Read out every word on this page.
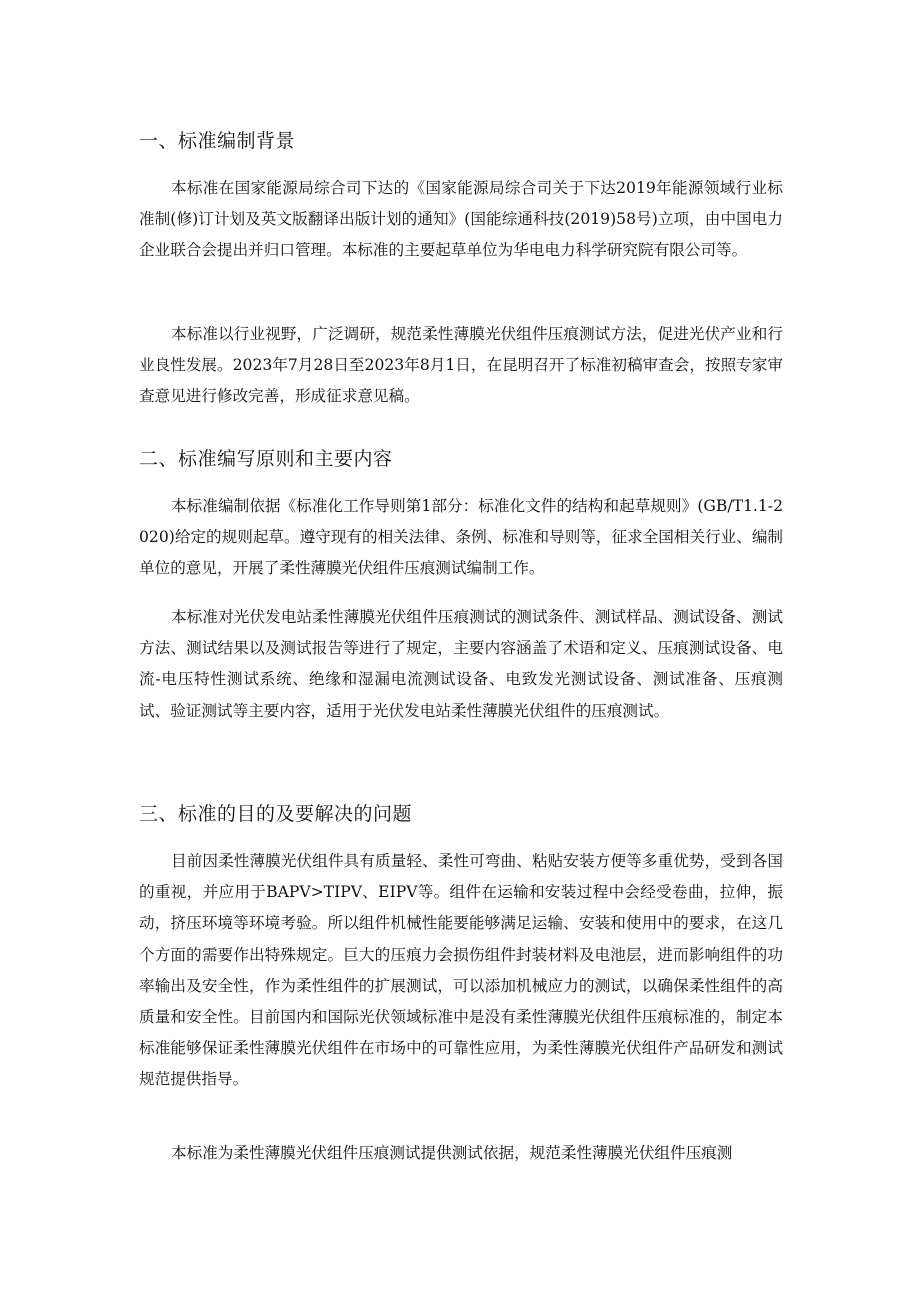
一、标准编制背景

本标准在国家能源局综合司下达的《国家能源局综合司关于下达2019年能源领域行业标准制(修)订计划及英文版翻译出版计划的通知》(国能综通科技(2019)58号)立项，由中国电力企业联合会提出并归口管理。本标准的主要起草单位为华电电力科学研究院有限公司等。

本标准以行业视野，广泛调研，规范柔性薄膜光伏组件压痕测试方法，促进光伏产业和行业良性发展。2023年7月28日至2023年8月1日，在昆明召开了标准初稿审查会，按照专家审查意见进行修改完善，形成征求意见稿。

二、标准编写原则和主要内容

本标准编制依据《标准化工作导则第1部分：标准化文件的结构和起草规则》(GB/T1.1-2020)给定的规则起草。遵守现有的相关法律、条例、标准和导则等，征求全国相关行业、编制单位的意见，开展了柔性薄膜光伏组件压痕测试编制工作。

本标准对光伏发电站柔性薄膜光伏组件压痕测试的测试条件、测试样品、测试设备、测试方法、测试结果以及测试报告等进行了规定，主要内容涵盖了术语和定义、压痕测试设备、电流-电压特性测试系统、绝缘和湿漏电流测试设备、电致发光测试设备、测试准备、压痕测试、验证测试等主要内容，适用于光伏发电站柔性薄膜光伏组件的压痕测试。

三、标准的目的及要解决的问题

目前因柔性薄膜光伏组件具有质量轻、柔性可弯曲、粘贴安装方便等多重优势，受到各国的重视，并应用于BAPV>TIPV、EIPV等。组件在运输和安装过程中会经受卷曲，拉伸，振动，挤压环境等环境考验。所以组件机械性能要能够满足运输、安装和使用中的要求，在这几个方面的需要作出特殊规定。巨大的压痕力会损伤组件封装材料及电池层，进而影响组件的功率输出及安全性，作为柔性组件的扩展测试，可以添加机械应力的测试，以确保柔性组件的高质量和安全性。目前国内和国际光伏领域标准中是没有柔性薄膜光伏组件压痕标准的，制定本标准能够保证柔性薄膜光伏组件在市场中的可靠性应用，为柔性薄膜光伏组件产品研发和测试规范提供指导。

本标准为柔性薄膜光伏组件压痕测试提供测试依据，规范柔性薄膜光伏组件压痕测
